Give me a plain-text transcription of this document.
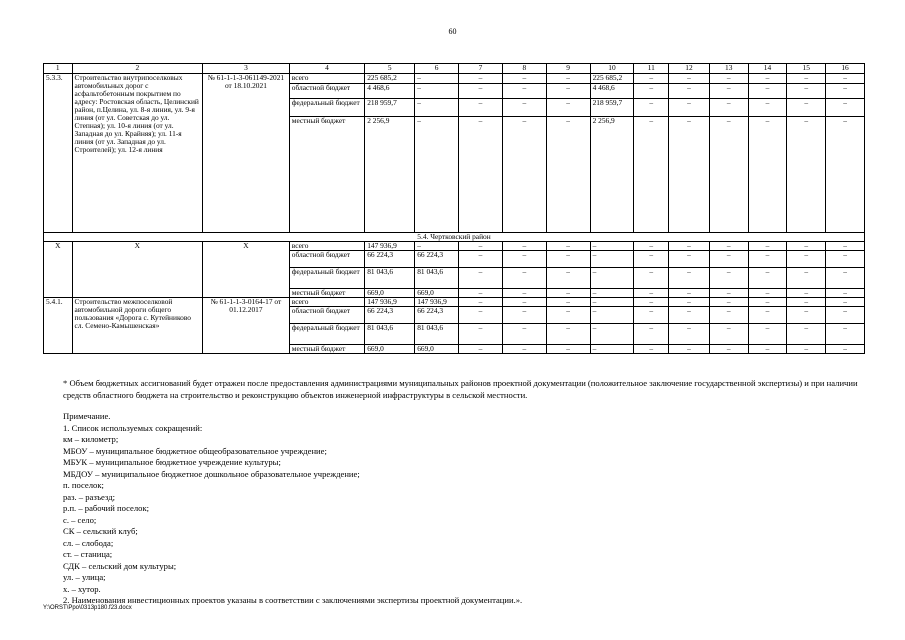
60
1	2	3	4	5	6	7	8	9	10	11	12	13	14	15	16
5.3.3.	Строительство внутрипоселковых автомобильных дорог с асфальтобетонным покрытием по адресу: Ростовская область, Целинский район, п.Целина, ул. 8-я линия, ул. 9-я линия (от ул. Советская до ул. Степная); ул. 10-я линия (от ул. Западная до ул. Крайняя); ул. 11-я линия (от ул. Западная до ул. Строителей); ул. 12-я линия	№ 61-1-1-3-061149-2021 от 18.10.2021	всего	225 685,2	–	–	–	–	225 685,2	–	–	–	–	–	–
			областной бюджет	4 468,6	–	–	–	–	4 468,6	–	–	–	–	–	–
			федеральный бюджет	218 959,7	–	–	–	–	218 959,7	–	–	–	–	–	–
			местный бюджет	2 256,9	–	–	–	–	2 256,9	–	–	–	–	–	–
5.4. Чертковский район															
Х	Х	Х	всего	147 936,9	–	–	–	–	–	–	–	–	–	–	–
			областной бюджет	66 224,3	66 224,3	–	–	–	–	–	–	–	–	–	–
			федеральный бюджет	81 043,6	81 043,6	–	–	–	–	–	–	–	–	–	–
			местный бюджет	669,0	669,0	–	–	–	–	–	–	–	–	–	–
5.4.1.	Строительство межпоселковой автомобильной дороги общего пользования «Дорога с. Кутейниково сл. Семено-Камышенская»	№ 61-1-1-3-0164-17 от 01.12.2017	всего	147 936,9	147 936,9	–	–	–	–	–	–	–	–	–	–
			областной бюджет	66 224,3	66 224,3	–	–	–	–	–	–	–	–	–	–
			федеральный бюджет	81 043,6	81 043,6	–	–	–	–	–	–	–	–	–	–
			местный бюджет	669,0	669,0	–	–	–	–	–	–	–	–	–	–

* Объем бюджетных ассигнований будет отражен после предоставления администрациями муниципальных районов проектной документации (положительное заключение государственной экспертизы) и при наличии средств областного бюджета на строительство и реконструкцию объектов инженерной инфраструктуры в сельской местности.

Примечание.

1. Список используемых сокращений:
км – километр;
МБОУ – муниципальное бюджетное общеобразовательное учреждение;
МБУК – муниципальное бюджетное учреждение культуры;
МБДОУ – муниципальное бюджетное дошкольное образовательное учреждение;
п. поселок;
раз. – разъезд;
р.п. – рабочий поселок;
с. – село;
СК – сельский клуб;
сл. – слобода;
ст. – станица;
СДК – сельский дом культуры;
ул. – улица;
х. – хутор.
2. Наименования инвестиционных проектов указаны в соответствии с заключениями экспертизы проектной документации.».
Y:\ORST\Ppo\0313p180.f23.docx
